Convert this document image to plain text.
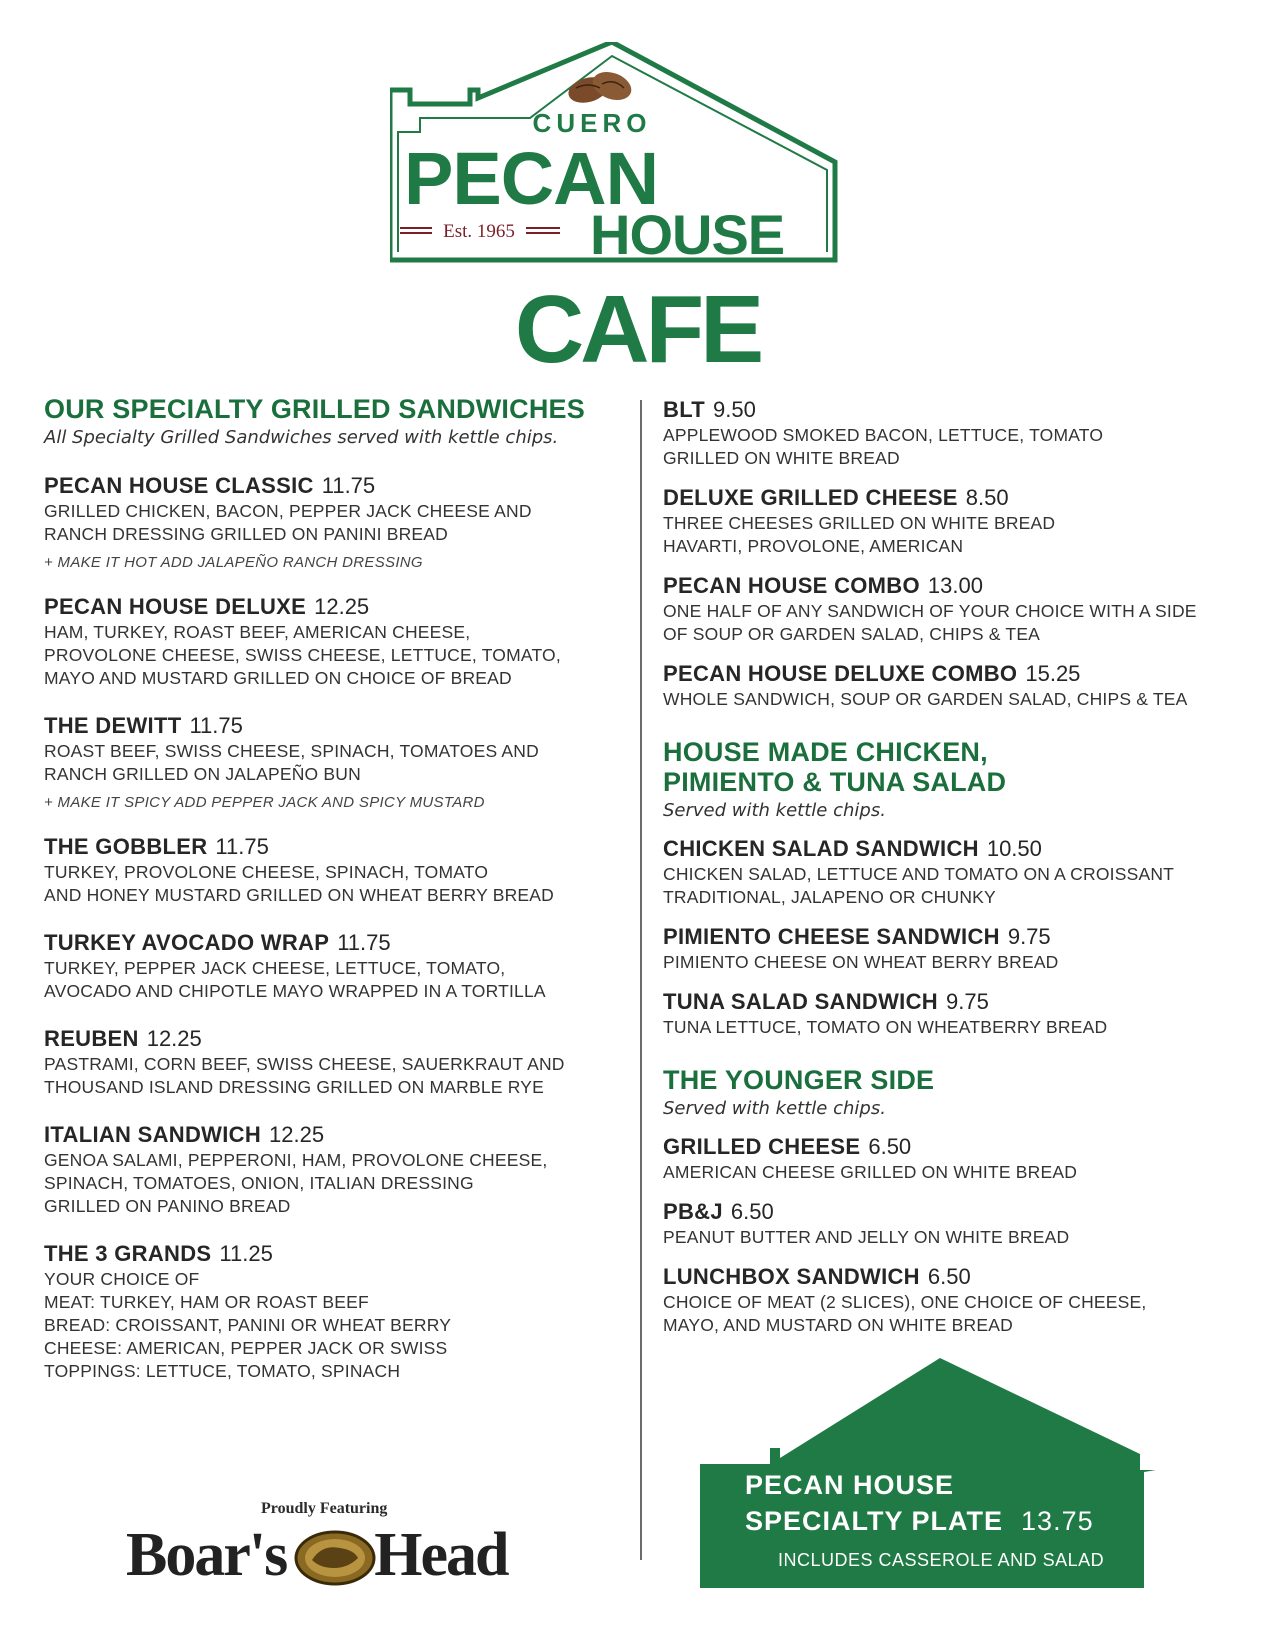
CUERO
PECAN
HOUSE
Est. 1965
CAFE
OUR SPECIALTY GRILLED SANDWICHES
All Specialty Grilled Sandwiches served with kettle chips.
PECAN HOUSE CLASSIC 11.75
GRILLED CHICKEN, BACON, PEPPER JACK CHEESE AND
RANCH DRESSING GRILLED ON PANINI BREAD
+ MAKE IT HOT ADD JALAPEÑO RANCH DRESSING
PECAN HOUSE DELUXE 12.25
HAM, TURKEY, ROAST BEEF, AMERICAN CHEESE,
PROVOLONE CHEESE, SWISS CHEESE, LETTUCE, TOMATO,
MAYO AND MUSTARD GRILLED ON CHOICE OF BREAD
THE DEWITT 11.75
ROAST BEEF, SWISS CHEESE, SPINACH, TOMATOES AND
RANCH GRILLED ON JALAPEÑO BUN
+ MAKE IT SPICY ADD PEPPER JACK AND SPICY MUSTARD
THE GOBBLER 11.75
TURKEY, PROVOLONE CHEESE, SPINACH, TOMATO
AND HONEY MUSTARD GRILLED ON WHEAT BERRY BREAD
TURKEY AVOCADO WRAP 11.75
TURKEY, PEPPER JACK CHEESE, LETTUCE, TOMATO,
AVOCADO AND CHIPOTLE MAYO WRAPPED IN A TORTILLA
REUBEN 12.25
PASTRAMI, CORN BEEF, SWISS CHEESE, SAUERKRAUT AND
THOUSAND ISLAND DRESSING GRILLED ON MARBLE RYE
ITALIAN SANDWICH 12.25
GENOA SALAMI, PEPPERONI, HAM, PROVOLONE CHEESE,
SPINACH, TOMATOES, ONION, ITALIAN DRESSING
GRILLED ON PANINO BREAD
THE 3 GRANDS 11.25
YOUR CHOICE OF
MEAT: TURKEY, HAM OR ROAST BEEF
BREAD: CROISSANT, PANINI OR WHEAT BERRY
CHEESE: AMERICAN, PEPPER JACK OR SWISS
TOPPINGS: LETTUCE, TOMATO, SPINACH
BLT 9.50
APPLEWOOD SMOKED BACON, LETTUCE, TOMATO
GRILLED ON WHITE BREAD
DELUXE GRILLED CHEESE 8.50
THREE CHEESES GRILLED ON WHITE BREAD
HAVARTI, PROVOLONE, AMERICAN
PECAN HOUSE COMBO 13.00
ONE HALF OF ANY SANDWICH OF YOUR CHOICE WITH A SIDE
OF SOUP OR GARDEN SALAD, CHIPS & TEA
PECAN HOUSE DELUXE COMBO 15.25
WHOLE SANDWICH, SOUP OR GARDEN SALAD, CHIPS & TEA
HOUSE MADE CHICKEN,
PIMIENTO & TUNA SALAD
Served with kettle chips.
CHICKEN SALAD SANDWICH 10.50
CHICKEN SALAD, LETTUCE AND TOMATO ON A CROISSANT
TRADITIONAL, JALAPENO OR CHUNKY
PIMIENTO CHEESE SANDWICH 9.75
PIMIENTO CHEESE ON WHEAT BERRY BREAD
TUNA SALAD SANDWICH 9.75
TUNA LETTUCE, TOMATO ON WHEATBERRY BREAD
THE YOUNGER SIDE
Served with kettle chips.
GRILLED CHEESE 6.50
AMERICAN CHEESE GRILLED ON WHITE BREAD
PB&J 6.50
PEANUT BUTTER AND JELLY ON WHITE BREAD
LUNCHBOX SANDWICH 6.50
CHOICE OF MEAT (2 SLICES), ONE CHOICE OF CHEESE,
MAYO, AND MUSTARD ON WHITE BREAD
Proudly Featuring
Boar's Head
PECAN HOUSE
SPECIALTY PLATE 13.75
INCLUDES CASSEROLE AND SALAD
